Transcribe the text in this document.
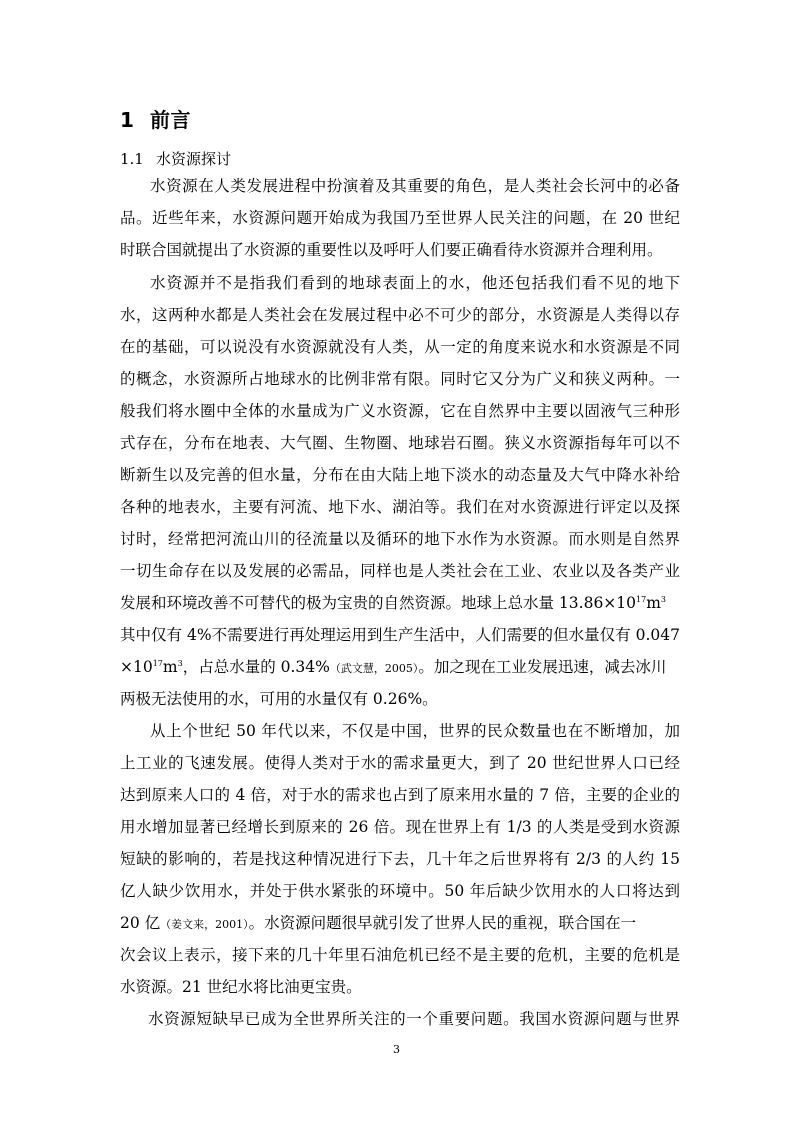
1 前言
1.1 水资源探讨
水资源在人类发展进程中扮演着及其重要的角色，是人类社会长河中的必备
品。近些年来，水资源问题开始成为我国乃至世界人民关注的问题，在 20 世纪
时联合国就提出了水资源的重要性以及呼吁人们要正确看待水资源并合理利用。
水资源并不是指我们看到的地球表面上的水，他还包括我们看不见的地下
水，这两种水都是人类社会在发展过程中必不可少的部分，水资源是人类得以存
在的基础，可以说没有水资源就没有人类，从一定的角度来说水和水资源是不同
的概念，水资源所占地球水的比例非常有限。同时它又分为广义和狭义两种。一
般我们将水圈中全体的水量成为广义水资源，它在自然界中主要以固液气三种形
式存在，分布在地表、大气圈、生物圈、地球岩石圈。狭义水资源指每年可以不
断新生以及完善的但水量，分布在由大陆上地下淡水的动态量及大气中降水补给
各种的地表水，主要有河流、地下水、湖泊等。我们在对水资源进行评定以及探
讨时，经常把河流山川的径流量以及循环的地下水作为水资源。而水则是自然界
一切生命存在以及发展的必需品，同样也是人类社会在工业、农业以及各类产业
发展和环境改善不可替代的极为宝贵的自然资源。地球上总水量 $13.86\times 10^{17}m^3$
其中仅有 4%不需要进行再处理运用到生产生活中，人们需要的但水量仅有 0.047
$\times 10^{17}m^3$，占总水量的 0.34%（武文慧，2005）。加之现在工业发展迅速，减去冰川
两极无法使用的水，可用的水量仅有 0.26%。
从上个世纪 50 年代以来，不仅是中国，世界的民众数量也在不断增加，加
上工业的飞速发展。使得人类对于水的需求量更大，到了 20 世纪世界人口已经
达到原来人口的 4 倍，对于水的需求也占到了原来用水量的 7 倍，主要的企业的
用水增加显著已经增长到原来的 26 倍。现在世界上有 1/3 的人类是受到水资源
短缺的影响的，若是找这种情况进行下去，几十年之后世界将有 2/3 的人约 15
亿人缺少饮用水，并处于供水紧张的环境中。50 年后缺少饮用水的人口将达到
20 亿（姜文来，2001）。水资源问题很早就引发了世界人民的重视，联合国在一
次会议上表示，接下来的几十年里石油危机已经不是主要的危机，主要的危机是
水资源。21 世纪水将比油更宝贵。
水资源短缺早已成为全世界所关注的一个重要问题。我国水资源问题与世界
3
